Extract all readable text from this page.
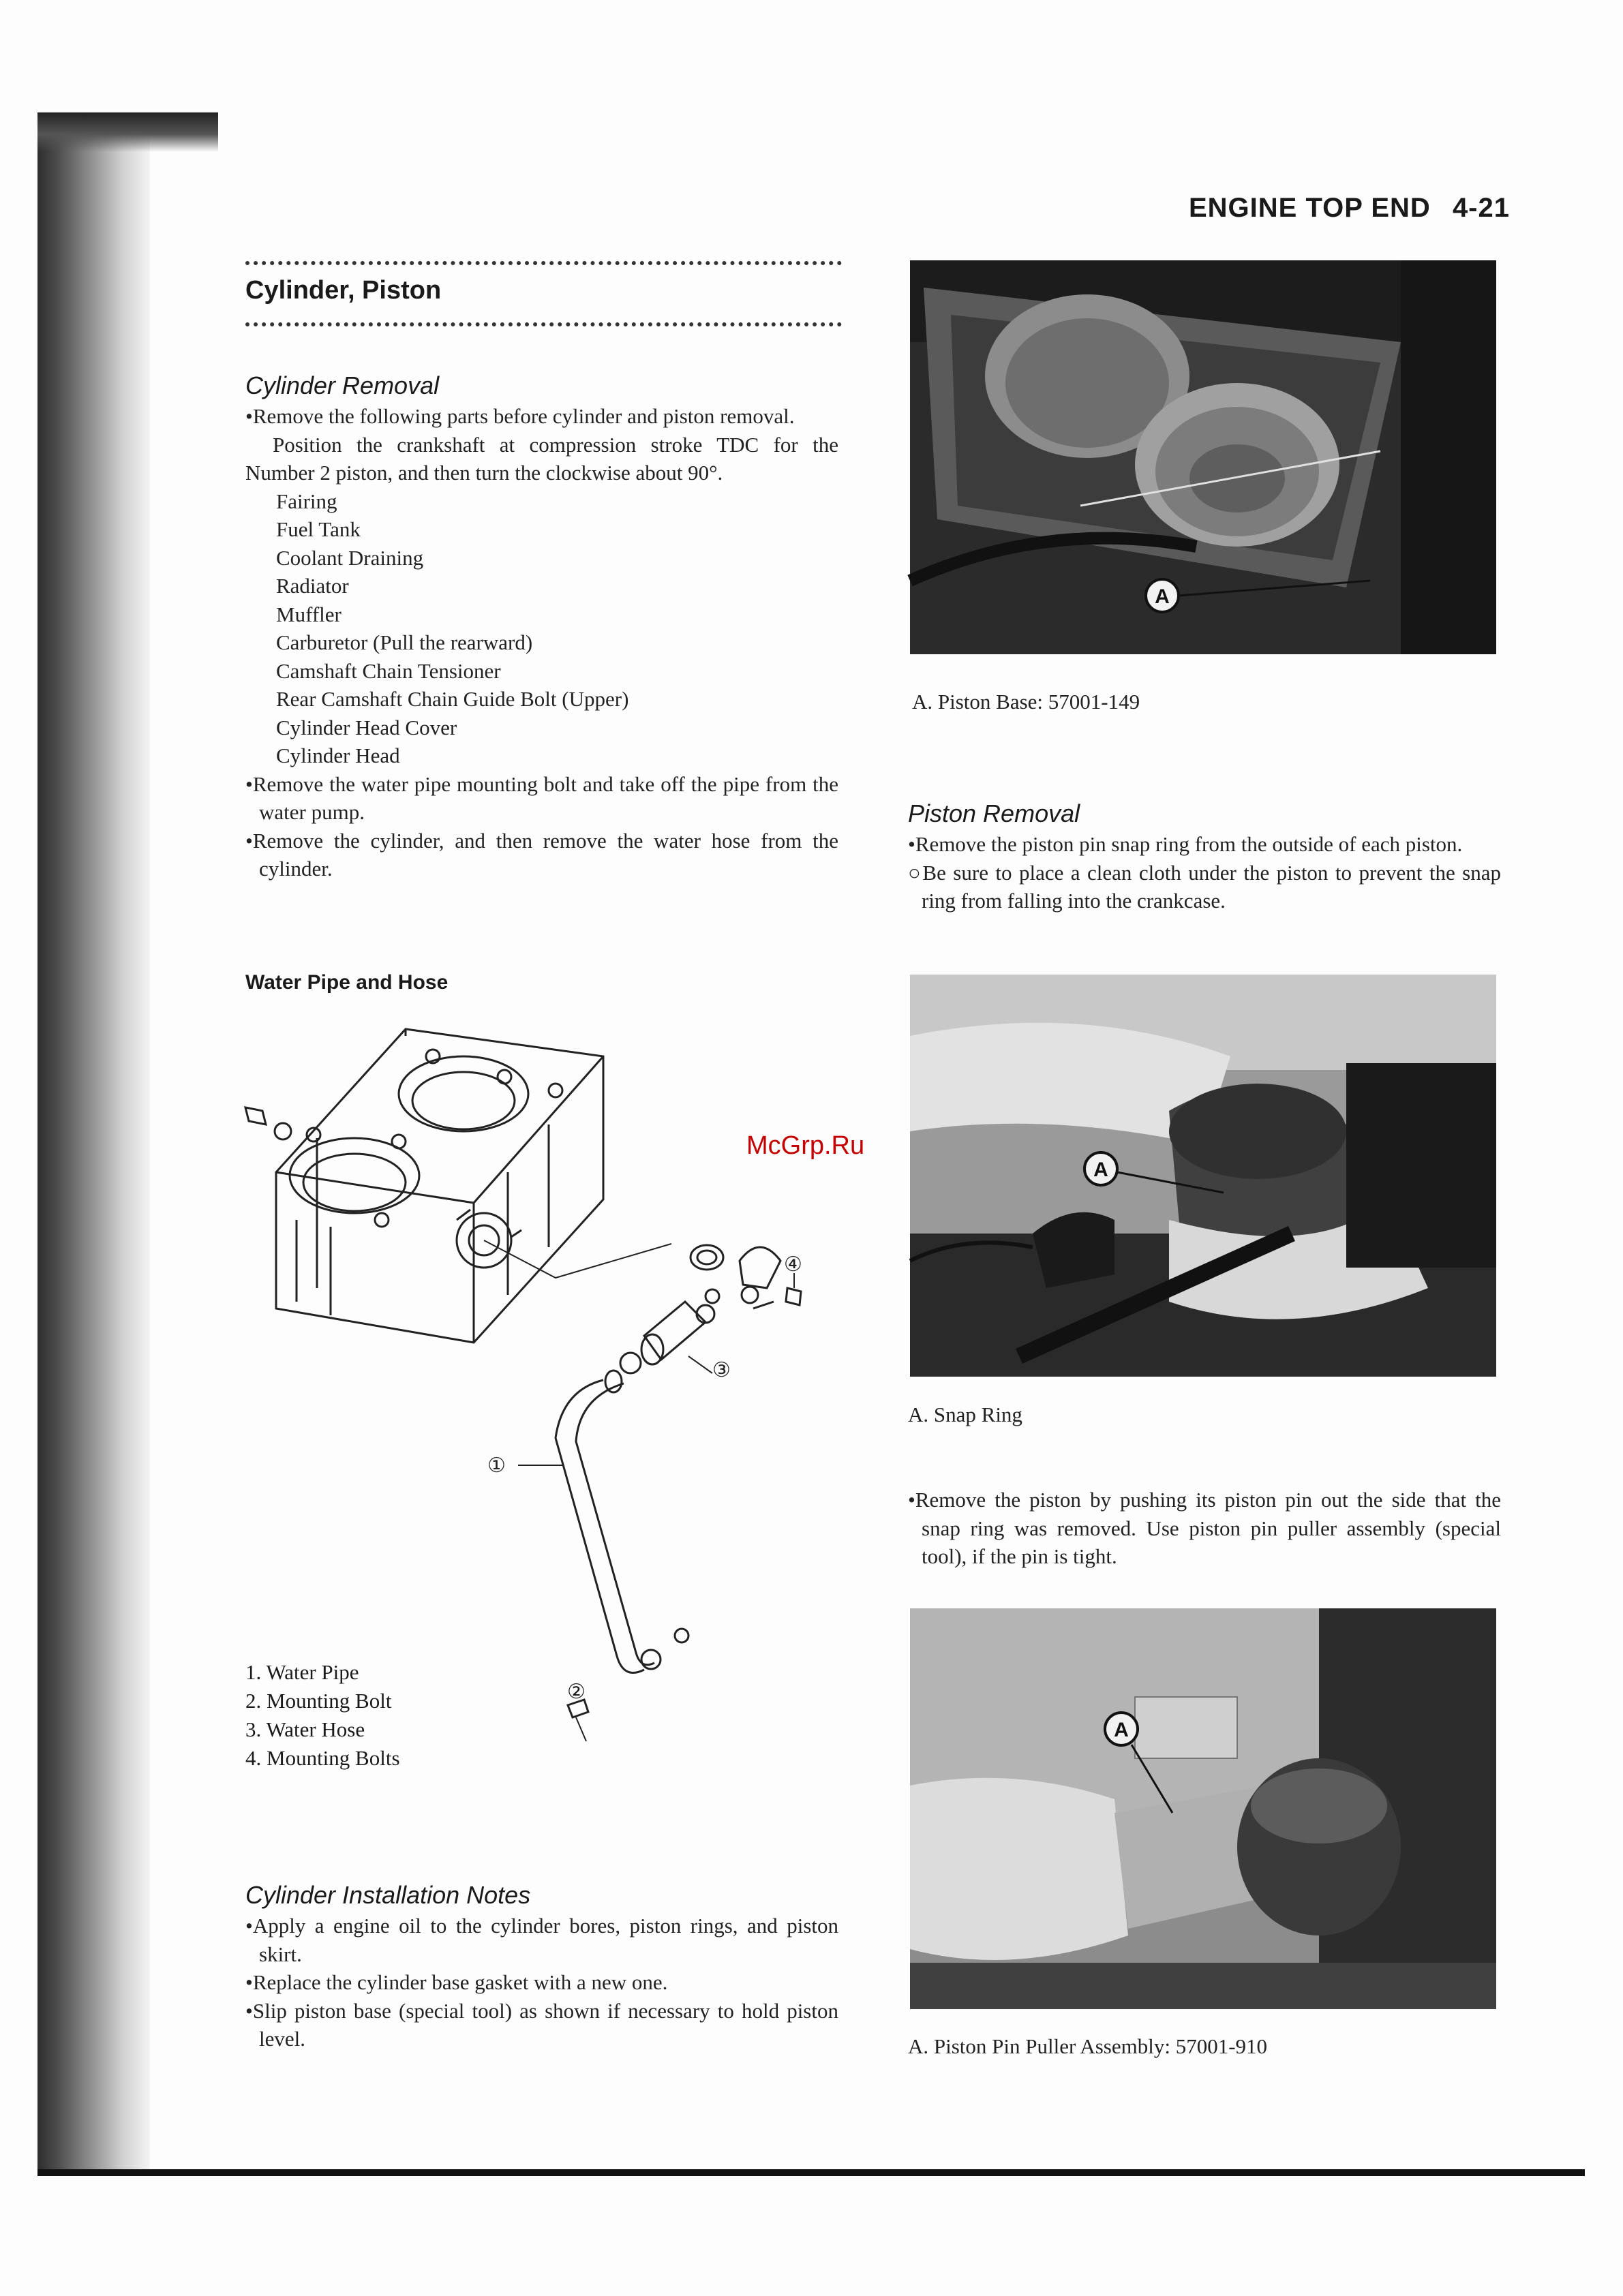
ENGINE TOP END 4-21
Cylinder, Piston
Cylinder Removal
•Remove the following parts before cylinder and piston removal.
Position the crankshaft at compression stroke TDC for the Number 2 piston, and then turn the clockwise about 90°.
Fairing
Fuel Tank
Coolant Draining
Radiator
Muffler
Carburetor (Pull the rearward)
Camshaft Chain Tensioner
Rear Camshaft Chain Guide Bolt (Upper)
Cylinder Head Cover
Cylinder Head
•Remove the water pipe mounting bolt and take off the pipe from the water pump.
•Remove the cylinder, and then remove the water hose from the cylinder.
Water Pipe and Hose
①
③
④
②
McGrp.Ru
1. Water Pipe
2. Mounting Bolt
3. Water Hose
4. Mounting Bolts
Cylinder Installation Notes
•Apply a engine oil to the cylinder bores, piston rings, and piston skirt.
•Replace the cylinder base gasket with a new one.
•Slip piston base (special tool) as shown if necessary to hold piston level.
A
A. Piston Base: 57001-149
Piston Removal
•Remove the piston pin snap ring from the outside of each piston.
○Be sure to place a clean cloth under the piston to prevent the snap ring from falling into the crankcase.
A
A. Snap Ring
•Remove the piston by pushing its piston pin out the side that the snap ring was removed. Use piston pin puller assembly (special tool), if the pin is tight.
A
A. Piston Pin Puller Assembly: 57001-910
